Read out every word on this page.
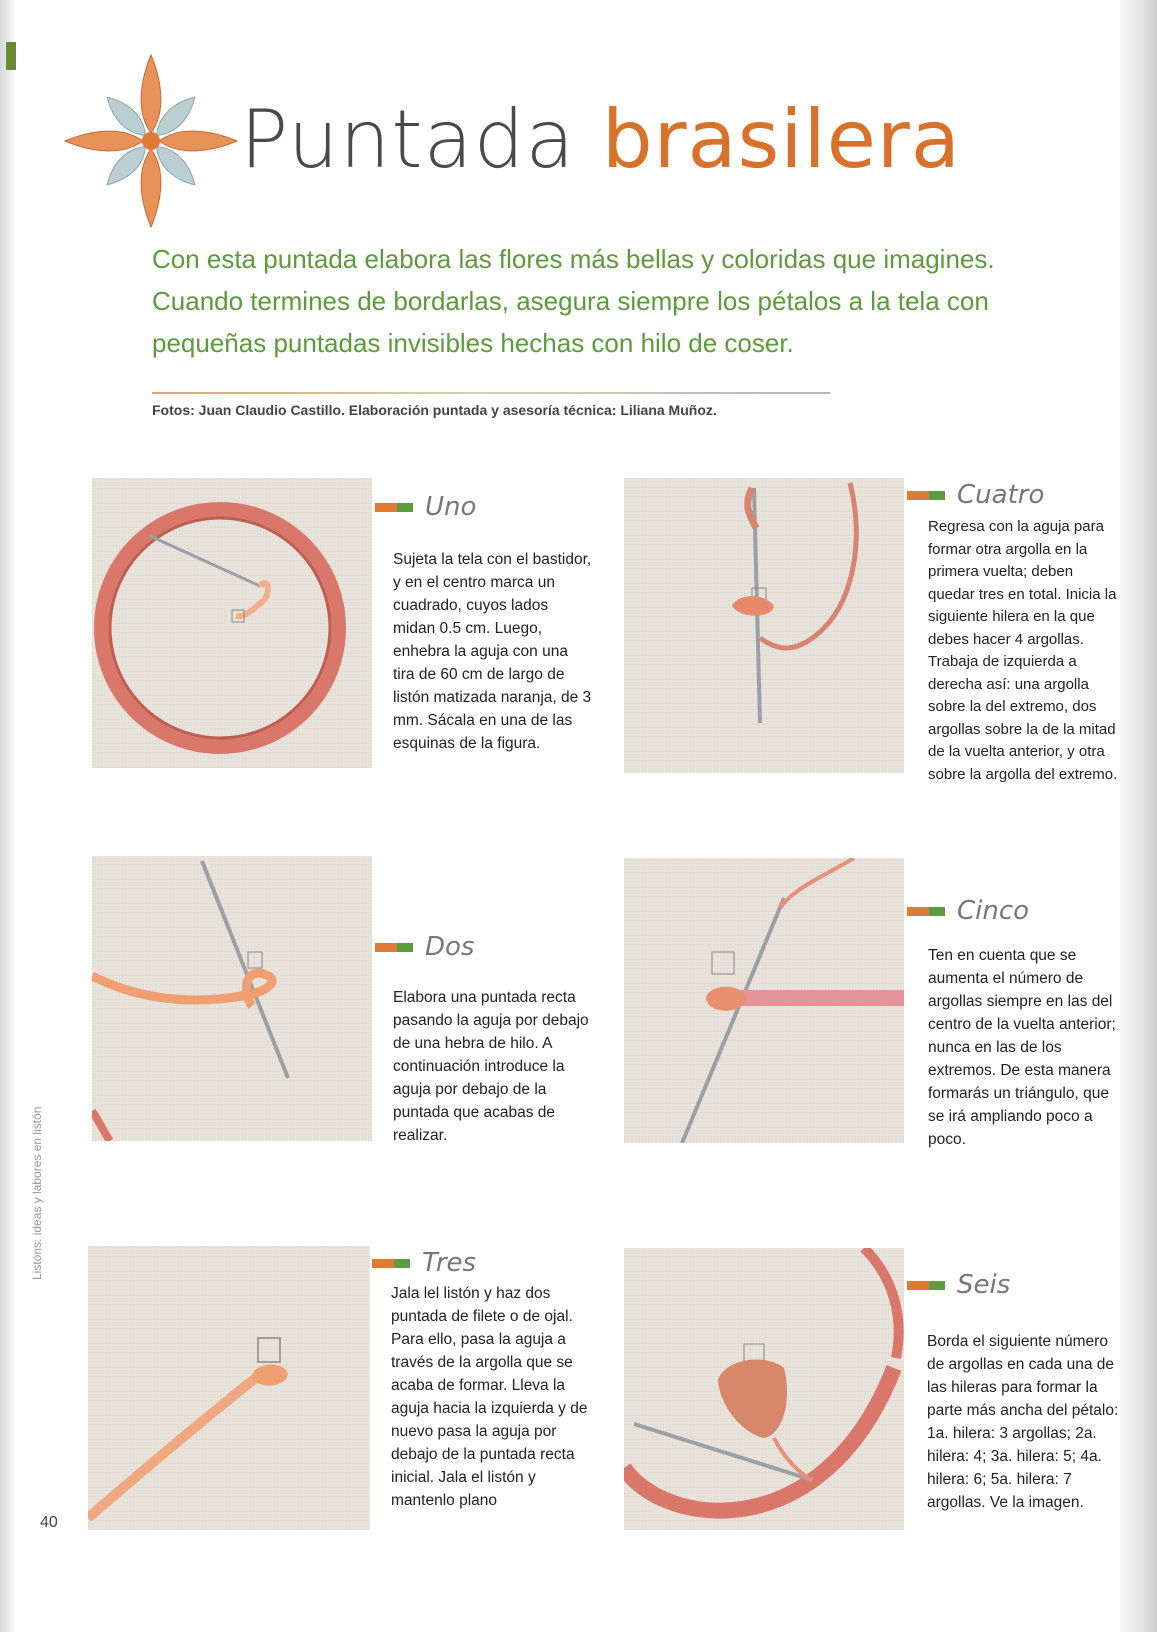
Puntada brasilera
Con esta puntada elabora las flores más bellas y coloridas que imagines. Cuando termines de bordarlas, asegura siempre los pétalos a la tela con pequeñas puntadas invisibles hechas con hilo de coser.
Fotos: Juan Claudio Castillo. Elaboración puntada y asesoría técnica: Liliana Muñoz.
Uno
Sujeta la tela con el bastidor, y en el centro marca un cuadrado, cuyos lados midan 0.5 cm. Luego, enhebra la aguja con una tira de 60 cm de largo de listón matizada naranja, de 3 mm. Sácala en una de las esquinas de la figura.
Cuatro
Regresa con la aguja para formar otra argolla en la primera vuelta; deben quedar tres en total. Inicia la siguiente hilera en la que debes hacer 4 argollas. Trabaja de izquierda a derecha así: una argolla sobre la del extremo, dos argollas sobre la de la mitad de la vuelta anterior, y otra sobre la argolla del extremo.
Dos
Elabora una puntada recta pasando la aguja por debajo de una hebra de hilo. A continuación introduce la aguja por debajo de la puntada que acabas de realizar.
Cinco
Ten en cuenta que se aumenta el número de argollas siempre en las del centro de la vuelta anterior; nunca en las de los extremos. De esta manera formarás un triángulo, que se irá ampliando poco a poco.
Tres
Jala lel listón y haz dos puntada de filete o de ojal. Para ello, pasa la aguja a través de la argolla que se acaba de formar. Lleva la aguja hacia la izquierda y de nuevo pasa la aguja por debajo de la puntada recta inicial. Jala el listón y mantenlo plano
Seis
Borda el siguiente número de argollas en cada una de las hileras para formar la parte más ancha del pétalo: 1a. hilera: 3 argollas; 2a. hilera: 4; 3a. hilera: 5; 4a. hilera: 6; 5a. hilera: 7 argollas. Ve la imagen.
Listóns: ideas y labores en listón
40
